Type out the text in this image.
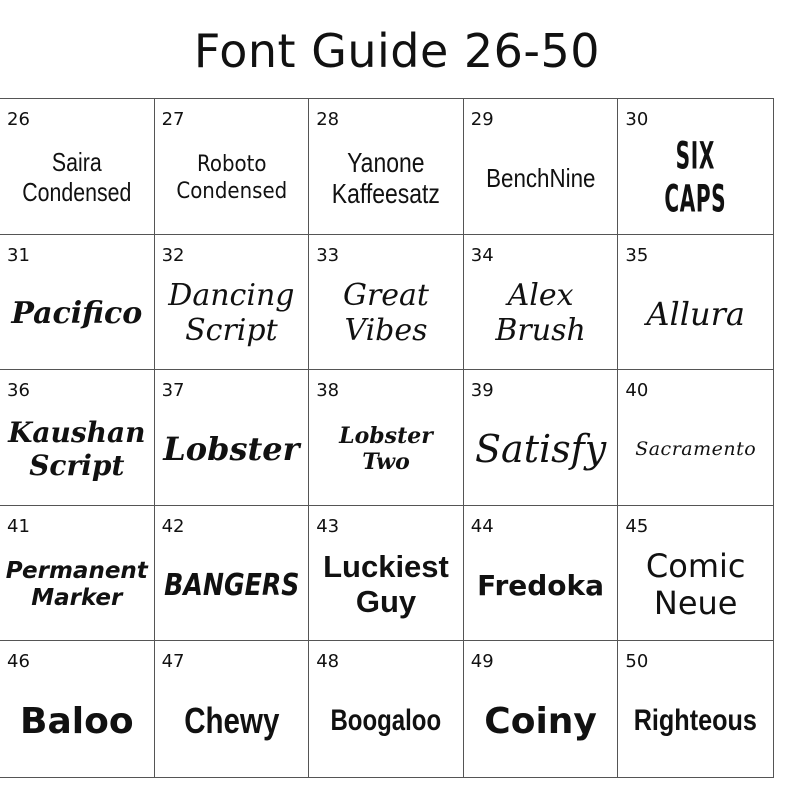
Font Guide 26-50
26
Saira
Condensed
27
Roboto
Condensed
28
Yanone
Kaffeesatz
29
BenchNine
30
SIX CAPS
31
Pacifico
32
Dancing
Script
33
Great
Vibes
34
Alex
Brush
35
Allura
36
Kaushan
Script
37
Lobster
38
Lobster Two
39
Satisfy
40
Sacramento
41
Permanent
Marker
42
BANGERS
43
Luckiest
Guy
44
Fredoka
45
Comic
Neue
46
Baloo
47
Chewy
48
Boogaloo
49
Coiny
50
Righteous
